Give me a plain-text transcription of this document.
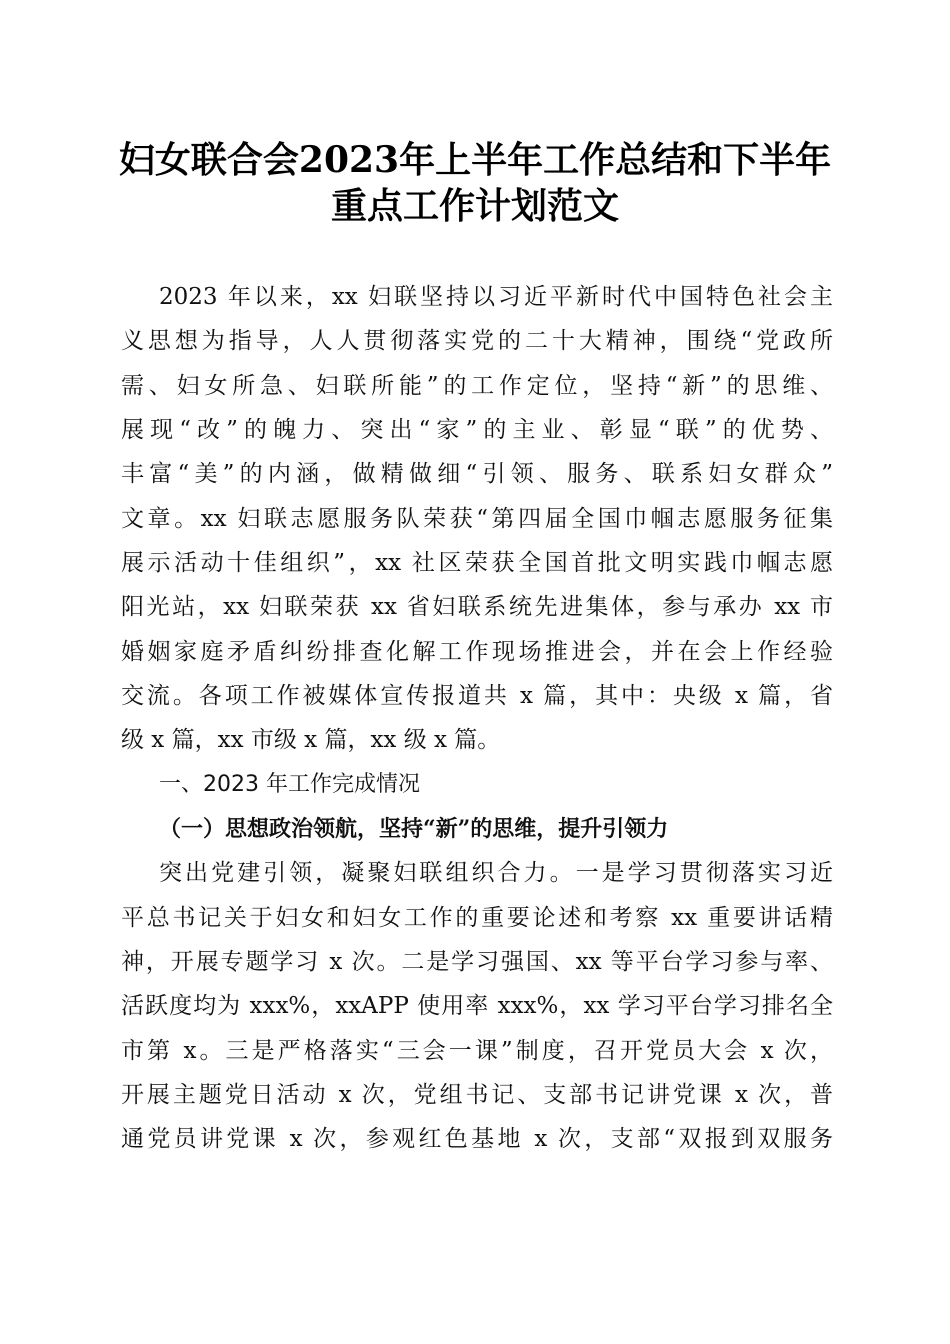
妇女联合会2023年上半年工作总结和下半年
重点工作计划范文
2023 年以来，xx 妇联坚持以习近平新时代中国特色社会主
义思想为指导，人人贯彻落实党的二十大精神，围绕“党政所
需、妇女所急、妇联所能”的工作定位，坚持“新”的思维、
展现“改”的魄力、突出“家”的主业、彰显“联”的优势、
丰富“美”的内涵，做精做细“引领、服务、联系妇女群众”
文章。xx 妇联志愿服务队荣获“第四届全国巾帼志愿服务征集
展示活动十佳组织”，xx 社区荣获全国首批文明实践巾帼志愿
阳光站，xx 妇联荣获 xx 省妇联系统先进集体，参与承办 xx 市
婚姻家庭矛盾纠纷排查化解工作现场推进会，并在会上作经验
交流。各项工作被媒体宣传报道共 x 篇，其中：央级 x 篇，省
级 x 篇，xx 市级 x 篇，xx 级 x 篇。
一、2023 年工作完成情况
（一）思想政治领航，坚持“新”的思维，提升引领力
突出党建引领，凝聚妇联组织合力。一是学习贯彻落实习近
平总书记关于妇女和妇女工作的重要论述和考察 xx 重要讲话精
神，开展专题学习 x 次。二是学习强国、xx 等平台学习参与率、
活跃度均为 xxx%，xxAPP 使用率 xxx%，xx 学习平台学习排名全
市第 x。三是严格落实“三会一课”制度，召开党员大会 x 次，
开展主题党日活动 x 次，党组书记、支部书记讲党课 x 次，普
通党员讲党课 x 次，参观红色基地 x 次，支部“双报到双服务
